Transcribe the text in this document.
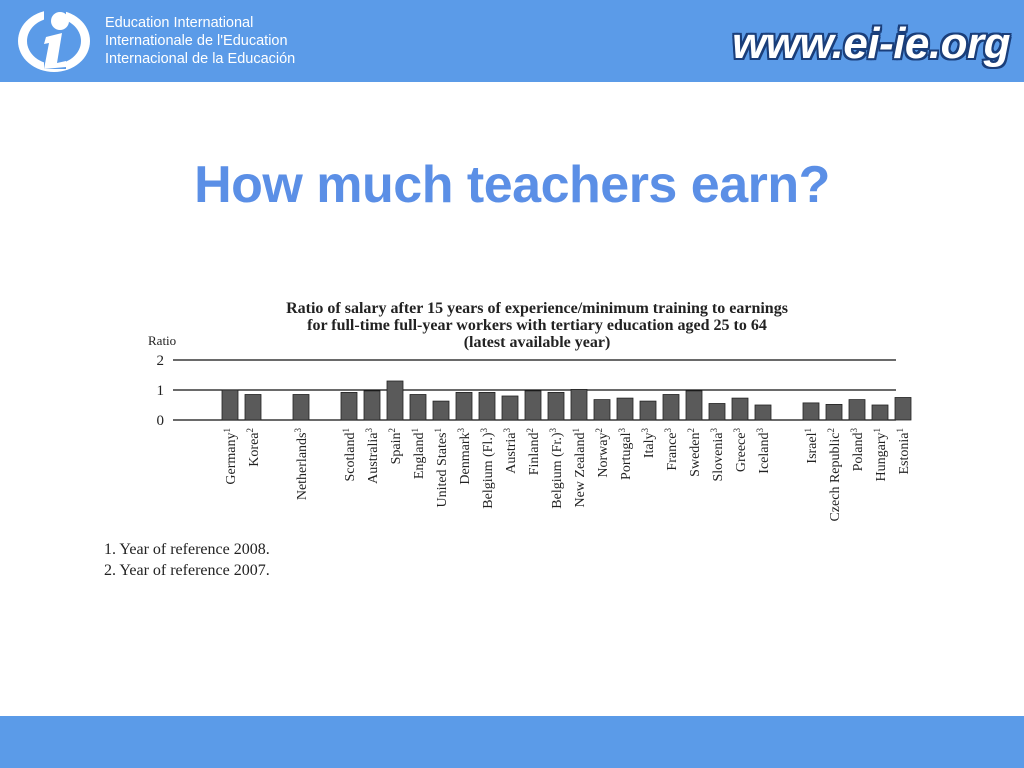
Education International
Internationale de l'Education
Internacional de la Educación	www.ei-ie.org
How much teachers earn?
Ratio of salary after 15 years of experience/minimum training to earnings
for full-time full-year workers with tertiary education aged 25 to 64
(latest available year)
Ratio
0
1
2
Germany$^1$
Korea$^2$
Netherlands$^3$
Scotland$^1$
Australia$^3$
Spain$^2$
England$^1$
United States$^1$
Denmark$^3$
Belgium $(Fl.)^3$
Austria$^3$
Finland$^2$
Belgium $(Fr.)^3$
New Zealand$^1$
Norway$^2$
Portugal$^3$
Italy$^3$
France$^3$
Sweden$^2$
Slovenia$^3$
Greece$^3$
Iceland$^3$
Israel$^1$
Czech Republic$^2$
Poland$^3$
Hungary$^1$
Estonia$^1$
1. Year of reference 2008.
2. Year of reference 2007.
